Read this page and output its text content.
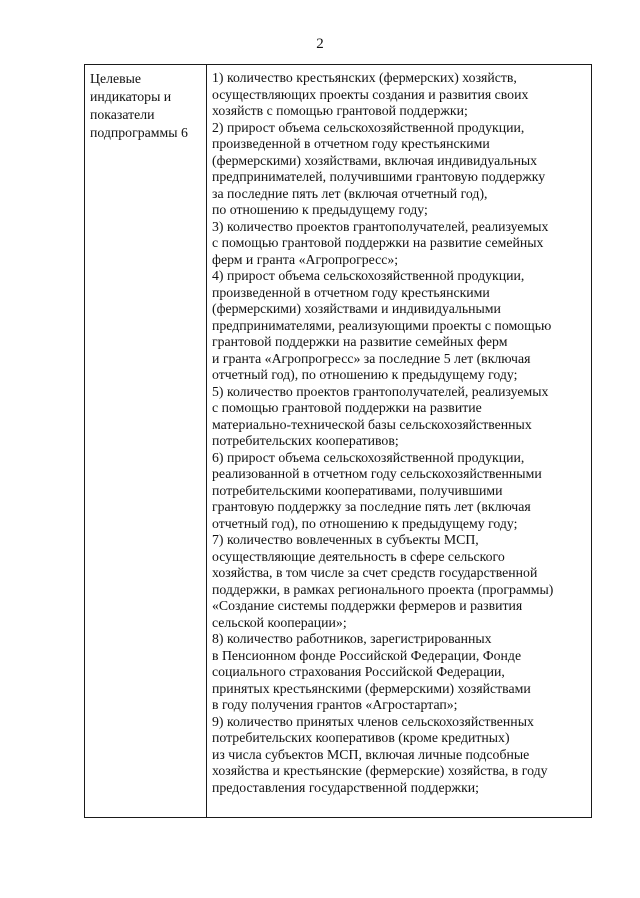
2
Целевые
индикаторы и
показатели
подпрограммы 6
1) количество крестьянских (фермерских) хозяйств,
осуществляющих проекты создания и развития своих
хозяйств с помощью грантовой поддержки;
2) прирост объема сельскохозяйственной продукции,
произведенной в отчетном году крестьянскими
(фермерскими) хозяйствами, включая индивидуальных
предпринимателей, получившими грантовую поддержку
за последние пять лет (включая отчетный год),
по отношению к предыдущему году;
3) количество проектов грантополучателей, реализуемых
с помощью грантовой поддержки на развитие семейных
ферм и гранта «Агропрогресс»;
4) прирост объема сельскохозяйственной продукции,
произведенной в отчетном году крестьянскими
(фермерскими) хозяйствами и индивидуальными
предпринимателями, реализующими проекты с помощью
грантовой поддержки на развитие семейных ферм
и гранта «Агропрогресс» за последние 5 лет (включая
отчетный год), по отношению к предыдущему году;
5) количество проектов грантополучателей, реализуемых
с помощью грантовой поддержки на развитие
материально-технической базы сельскохозяйственных
потребительских кооперативов;
6) прирост объема сельскохозяйственной продукции,
реализованной в отчетном году сельскохозяйственными
потребительскими кооперативами, получившими
грантовую поддержку за последние пять лет (включая
отчетный год), по отношению к предыдущему году;
7) количество вовлеченных в субъекты МСП,
осуществляющие деятельность в сфере сельского
хозяйства, в том числе за счет средств государственной
поддержки, в рамках регионального проекта (программы)
«Создание системы поддержки фермеров и развития
сельской кооперации»;
8) количество работников, зарегистрированных
в Пенсионном фонде Российской Федерации, Фонде
социального страхования Российской Федерации,
принятых крестьянскими (фермерскими) хозяйствами
в году получения грантов «Агростартап»;
9) количество принятых членов сельскохозяйственных
потребительских кооперативов (кроме кредитных)
из числа субъектов МСП, включая личные подсобные
хозяйства и крестьянские (фермерские) хозяйства, в году
предоставления государственной поддержки;
